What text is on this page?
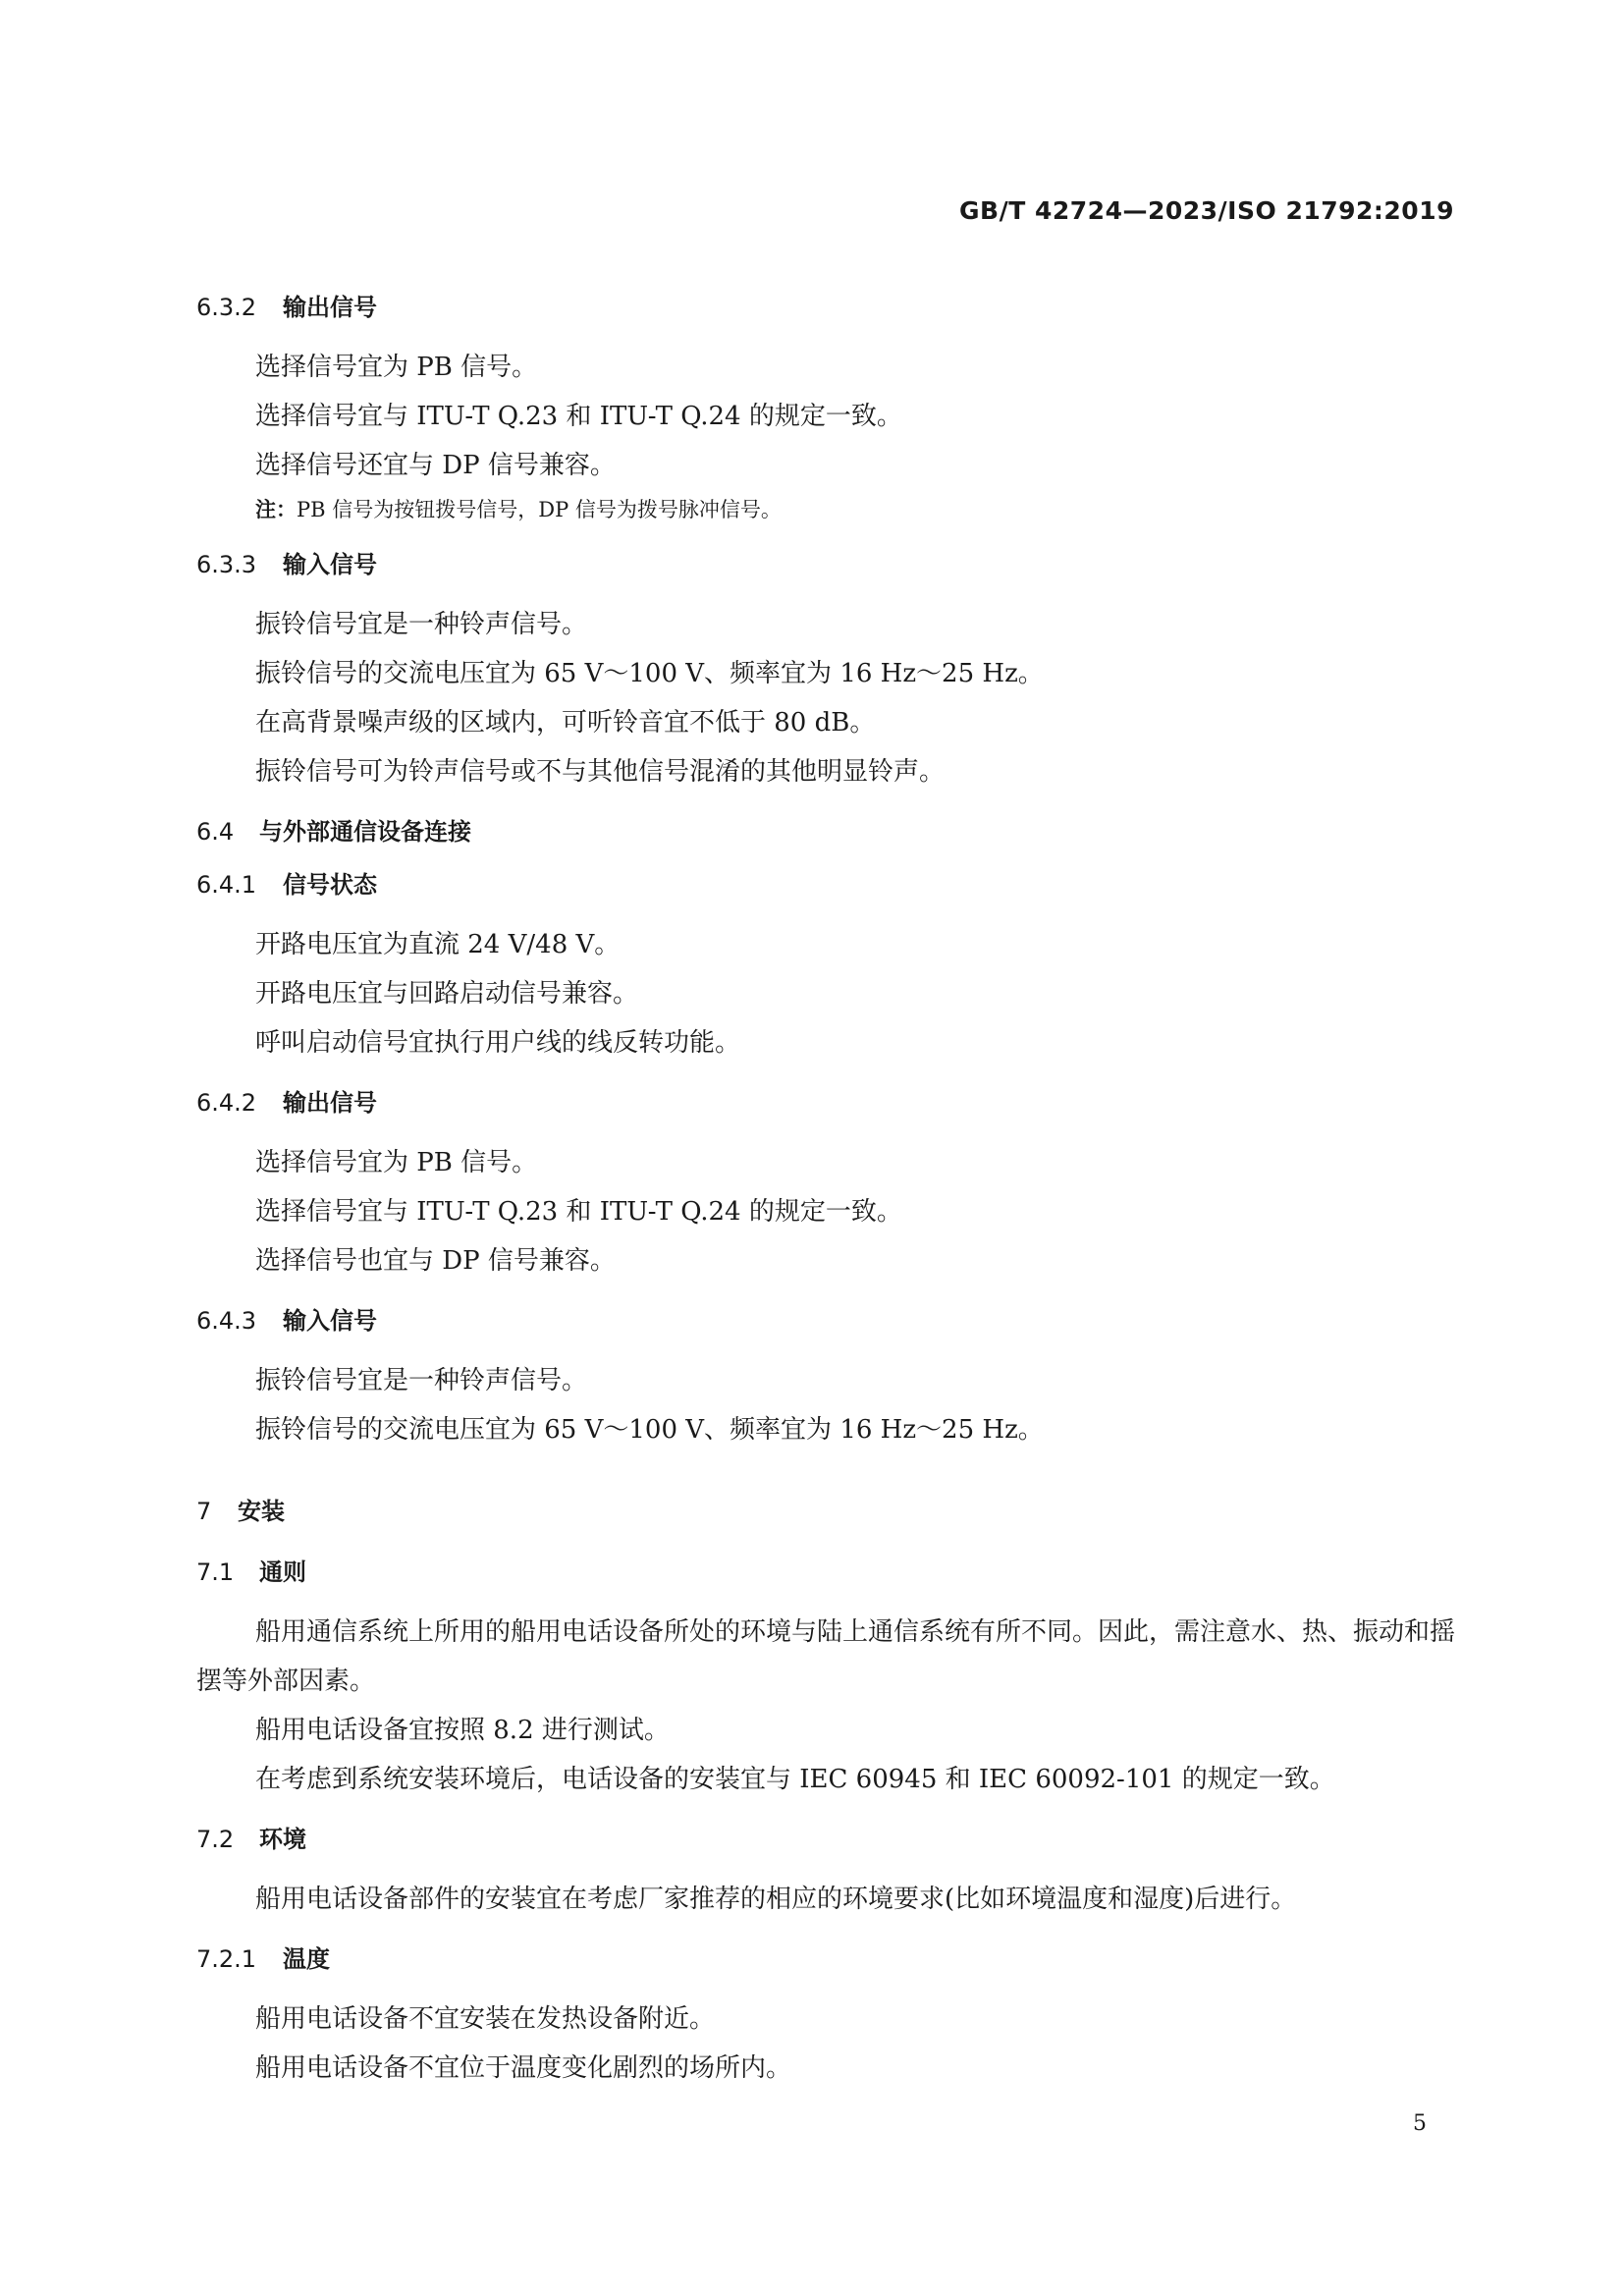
GB/T 42724—2023/ISO 21792:2019
6.3.2 输出信号

选择信号宜为 PB 信号。

选择信号宜与 ITU-T Q.23 和 ITU-T Q.24 的规定一致。

选择信号还宜与 DP 信号兼容。

注：PB 信号为按钮拨号信号，DP 信号为拨号脉冲信号。

6.3.3 输入信号

振铃信号宜是一种铃声信号。

振铃信号的交流电压宜为 65 V～100 V、频率宜为 16 Hz～25 Hz。

在高背景噪声级的区域内，可听铃音宜不低于 80 dB。

振铃信号可为铃声信号或不与其他信号混淆的其他明显铃声。

6.4 与外部通信设备连接
6.4.1 信号状态

开路电压宜为直流 24 V/48 V。

开路电压宜与回路启动信号兼容。

呼叫启动信号宜执行用户线的线反转功能。

6.4.2 输出信号

选择信号宜为 PB 信号。

选择信号宜与 ITU-T Q.23 和 ITU-T Q.24 的规定一致。

选择信号也宜与 DP 信号兼容。

6.4.3 输入信号

振铃信号宜是一种铃声信号。

振铃信号的交流电压宜为 65 V～100 V、频率宜为 16 Hz～25 Hz。

7 安装
7.1 通则

船用通信系统上所用的船用电话设备所处的环境与陆上通信系统有所不同。因此，需注意水、热、振动和摇摆等外部因素。

船用电话设备宜按照 8.2 进行测试。

在考虑到系统安装环境后，电话设备的安装宜与 IEC 60945 和 IEC 60092-101 的规定一致。

7.2 环境

船用电话设备部件的安装宜在考虑厂家推荐的相应的环境要求(比如环境温度和湿度)后进行。

7.2.1 温度

船用电话设备不宜安装在发热设备附近。

船用电话设备不宜位于温度变化剧烈的场所内。

5
